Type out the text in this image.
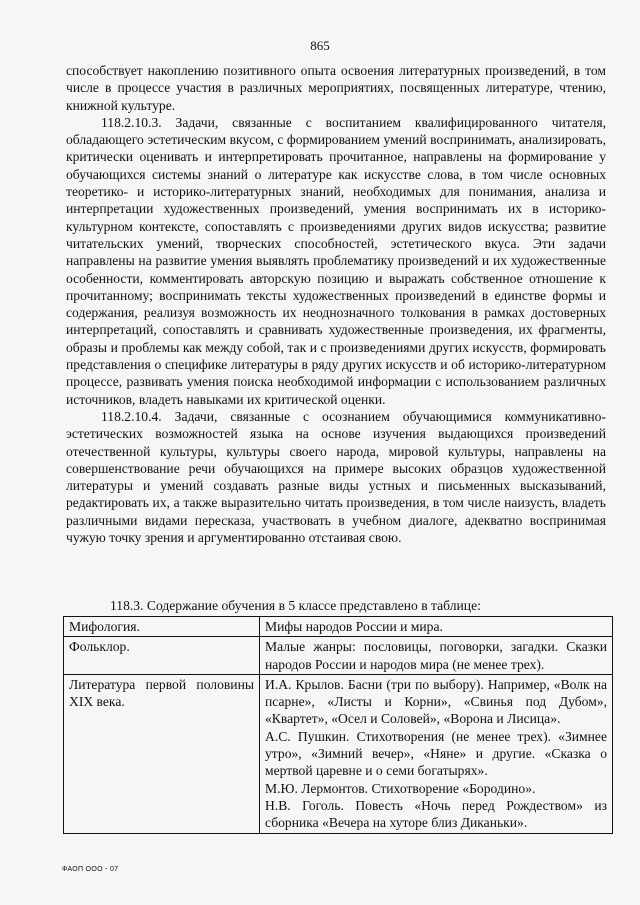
865

способствует накоплению позитивного опыта освоения литературных произведений, в том числе в процессе участия в различных мероприятиях, посвященных литературе, чтению, книжной культуре.

118.2.10.3. Задачи, связанные с воспитанием квалифицированного читателя, обладающего эстетическим вкусом, с формированием умений воспринимать, анализировать, критически оценивать и интерпретировать прочитанное, направлены на формирование у обучающихся системы знаний о литературе как искусстве слова, в том числе основных теоретико- и историко-литературных знаний, необходимых для понимания, анализа и интерпретации художественных произведений, умения воспринимать их в историко-культурном контексте, сопоставлять с произведениями других видов искусства; развитие читательских умений, творческих способностей, эстетического вкуса. Эти задачи направлены на развитие умения выявлять проблематику произведений и их художественные особенности, комментировать авторскую позицию и выражать собственное отношение к прочитанному; воспринимать тексты художественных произведений в единстве формы и содержания, реализуя возможность их неоднозначного толкования в рамках достоверных интерпретаций, сопоставлять и сравнивать художественные произведения, их фрагменты, образы и проблемы как между собой, так и с произведениями других искусств, формировать представления о специфике литературы в ряду других искусств и об историко-литературном процессе, развивать умения поиска необходимой информации с использованием различных источников, владеть навыками их критической оценки.

118.2.10.4. Задачи, связанные с осознанием обучающимися коммуникативно-эстетических возможностей языка на основе изучения выдающихся произведений отечественной культуры, культуры своего народа, мировой культуры, направлены на совершенствование речи обучающихся на примере высоких образцов художественной литературы и умений создавать разные виды устных и письменных высказываний, редактировать их, а также выразительно читать произведения, в том числе наизусть, владеть различными видами пересказа, участвовать в учебном диалоге, адекватно воспринимая чужую точку зрения и аргументированно отстаивая свою.

118.3. Содержание обучения в 5 классе представлено в таблице:
Мифология.	Мифы народов России и мира.

Фольклор.	Малые жанры: пословицы, поговорки, загадки. Сказки народов России и народов мира (не менее трех).

Литература первой половины XIX века.	И.А. Крылов. Басни (три по выбору). Например, «Волк на псарне», «Листы и Корни», «Свинья под Дубом», «Квартет», «Осел и Соловей», «Ворона и Лисица».
А.С. Пушкин. Стихотворения (не менее трех). «Зимнее утро», «Зимний вечер», «Няне» и другие. «Сказка о мертвой царевне и о семи богатырях».
М.Ю. Лермонтов. Стихотворение «Бородино».
Н.В. Гоголь. Повесть «Ночь перед Рождеством» из сборника «Вечера на хуторе близ Диканьки».
ФАОП ООО - 07
